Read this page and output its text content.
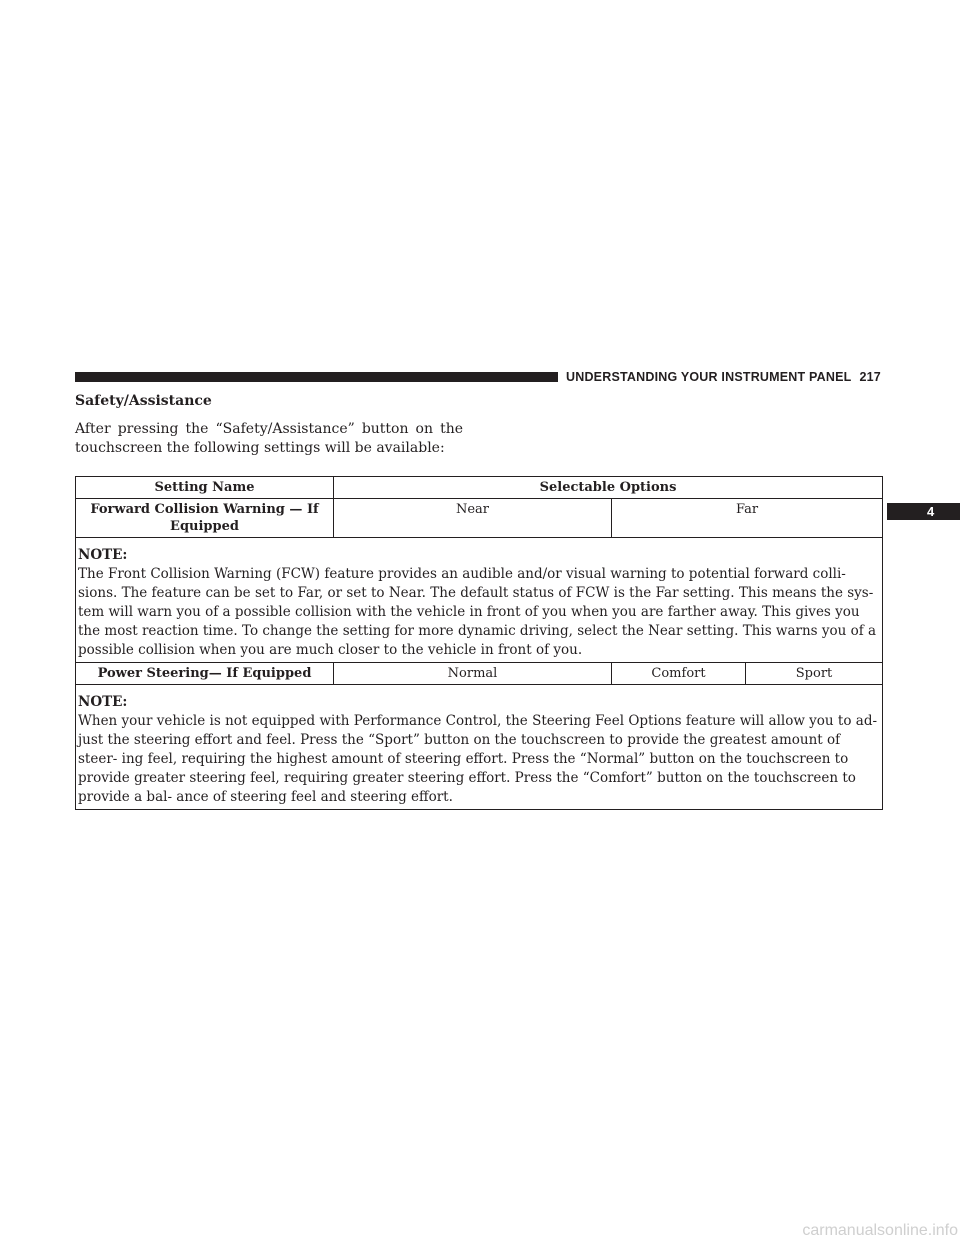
UNDERSTANDING YOUR INSTRUMENT PANEL 217
4
Safety/Assistance
After pressing the “Safety/Assistance” button on the touchscreen the following settings will be available:
Setting Name	Selectable Options		
Forward Collision Warning — If Equipped	Near	Far	

NOTE:
The Front Collision Warning (FCW) feature provides an audible and/or visual warning to potential forward colli- sions. The feature can be set to Far, or set to Near. The default status of FCW is the Far setting. This means the sys- tem will warn you of a possible collision with the vehicle in front of you when you are farther away. This gives you the most reaction time. To change the setting for more dynamic driving, select the Near setting. This warns you of a possible collision when you are much closer to the vehicle in front of you.			

Power Steering— If Equipped	Normal	Comfort	Sport

NOTE:
When your vehicle is not equipped with Performance Control, the Steering Feel Options feature will allow you to ad- just the steering effort and feel. Press the “Sport” button on the touchscreen to provide the greatest amount of steer- ing feel, requiring the highest amount of steering effort. Press the “Normal” button on the touchscreen to provide greater steering feel, requiring greater steering effort. Press the “Comfort” button on the touchscreen to provide a bal- ance of steering feel and steering effort.			
carmanualsonline.info
